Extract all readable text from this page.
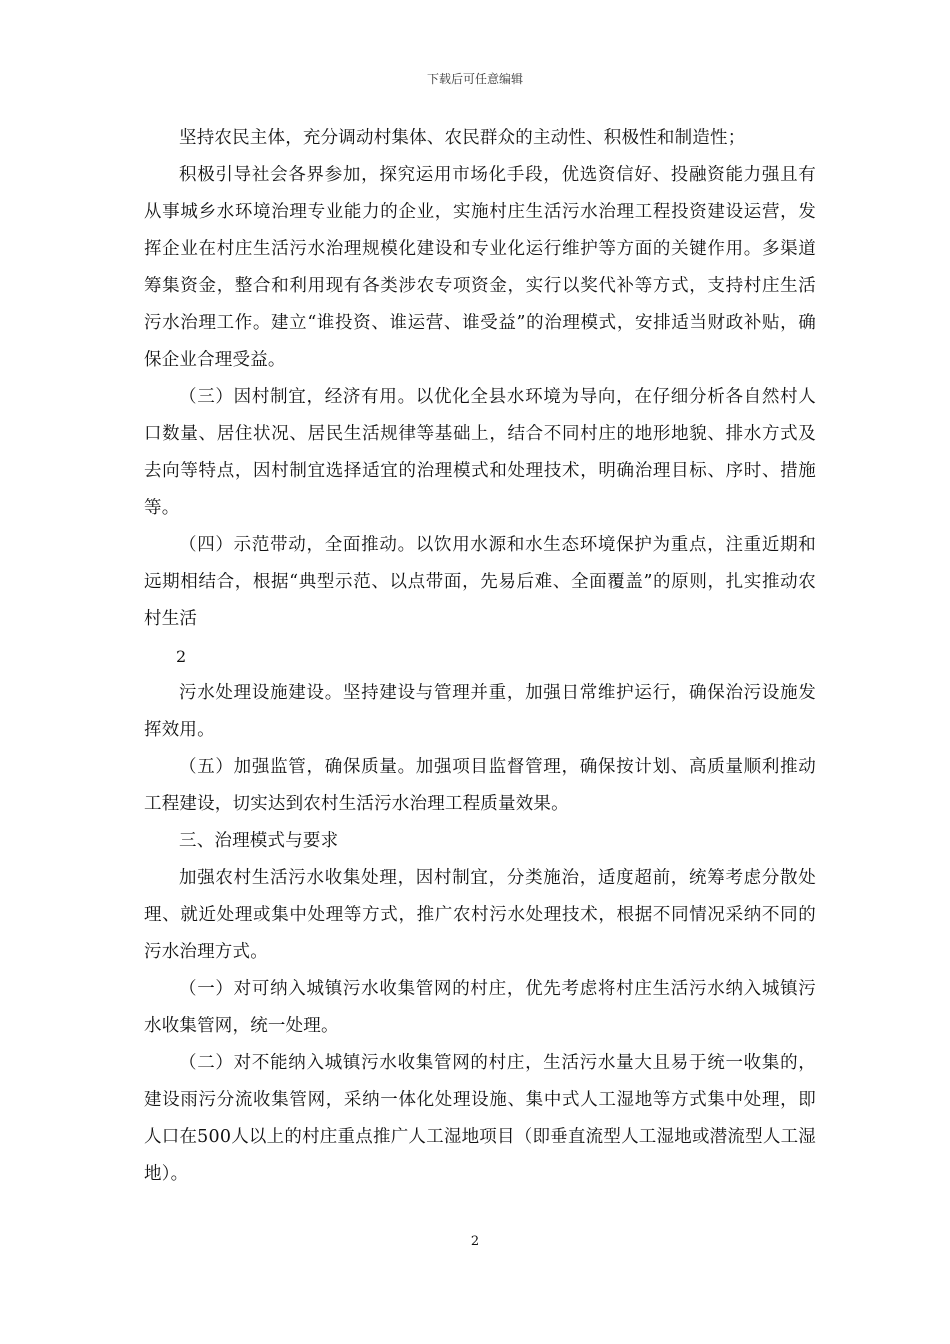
下载后可任意编辑

坚持农民主体，充分调动村集体、农民群众的主动性、积极性和制造性；

积极引导社会各界参加，探究运用市场化手段，优选资信好、投融资能力强且有从事城乡水环境治理专业能力的企业，实施村庄生活污水治理工程投资建设运营，发挥企业在村庄生活污水治理规模化建设和专业化运行维护等方面的关键作用。多渠道筹集资金，整合和利用现有各类涉农专项资金，实行以奖代补等方式，支持村庄生活污水治理工作。建立“谁投资、谁运营、谁受益”的治理模式，安排适当财政补贴，确保企业合理受益。

（三）因村制宜，经济有用。以优化全县水环境为导向，在仔细分析各自然村人口数量、居住状况、居民生活规律等基础上，结合不同村庄的地形地貌、排水方式及去向等特点，因村制宜选择适宜的治理模式和处理技术，明确治理目标、序时、措施等。

（四）示范带动，全面推动。以饮用水源和水生态环境保护为重点，注重近期和远期相结合，根据“典型示范、以点带面，先易后难、全面覆盖”的原则，扎实推动农村生活

2

污水处理设施建设。坚持建设与管理并重，加强日常维护运行，确保治污设施发挥效用。

（五）加强监管，确保质量。加强项目监督管理，确保按计划、高质量顺利推动工程建设，切实达到农村生活污水治理工程质量效果。

三、治理模式与要求

加强农村生活污水收集处理，因村制宜，分类施治，适度超前，统筹考虑分散处理、就近处理或集中处理等方式，推广农村污水处理技术，根据不同情况采纳不同的污水治理方式。

（一）对可纳入城镇污水收集管网的村庄，优先考虑将村庄生活污水纳入城镇污水收集管网，统一处理。

（二）对不能纳入城镇污水收集管网的村庄，生活污水量大且易于统一收集的，建设雨污分流收集管网，采纳一体化处理设施、集中式人工湿地等方式集中处理，即人口在500人以上的村庄重点推广人工湿地项目（即垂直流型人工湿地或潜流型人工湿地）。

2
